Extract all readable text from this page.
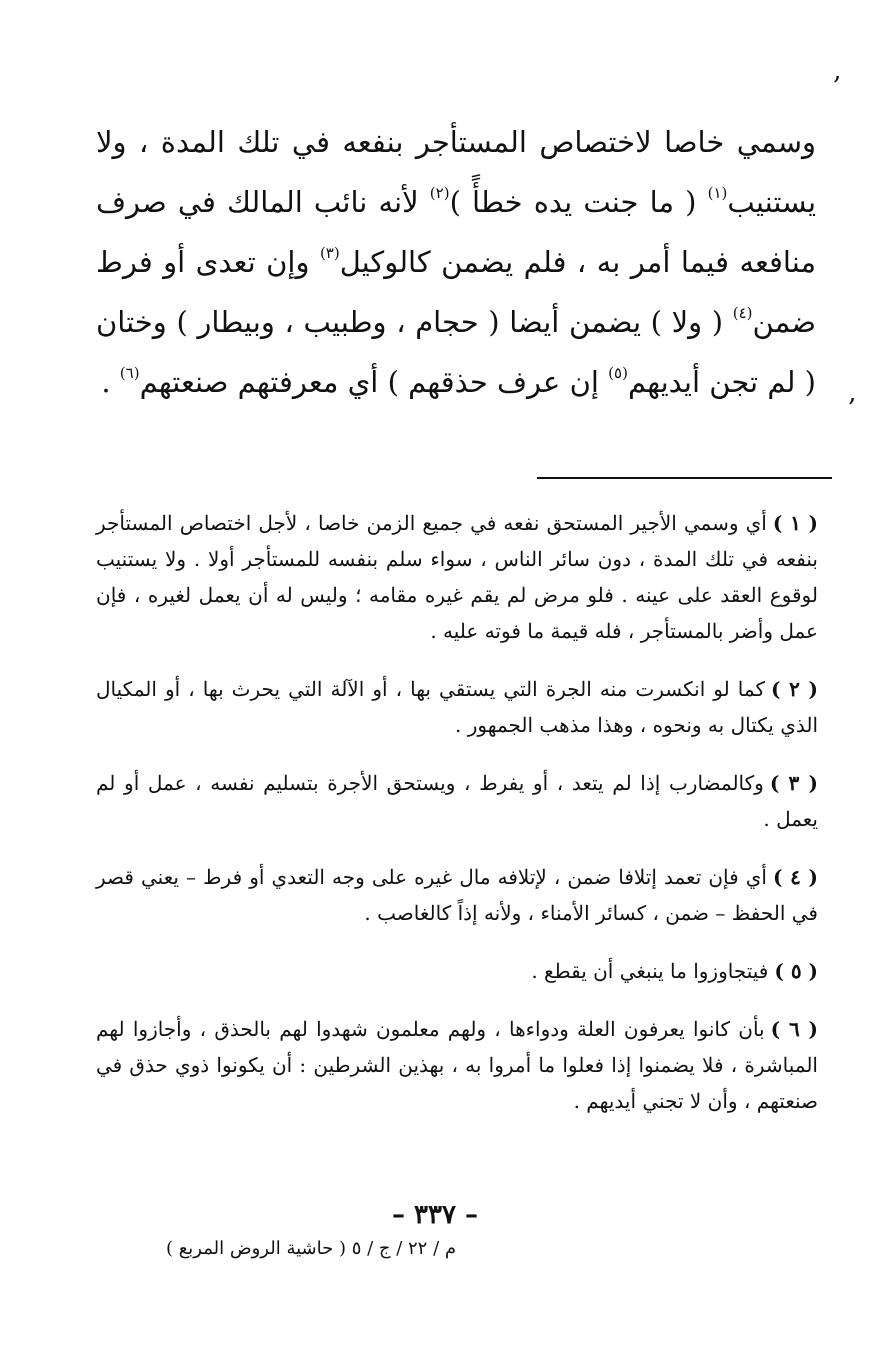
‚
‚
وسمي خاصا لاختصاص المستأجر بنفعه في تلك المدة ، ولا يستنيب$^{(١)}$ ( ما جنت يده خطأً )$^{(٢)}$ لأنه نائب المالك في صرف منافعه فيما أمر به ، فلم يضمن كالوكيل$^{(٣)}$ وإن تعدى أو فرط ضمن$^{(٤)}$ ( ولا ) يضمن أيضا ( حجام ، وطبيب ، وبيطار ) وختان ( لم تجن أيديهم$^{(٥)}$ إن عرف حذقهم ) أي معرفتهم صنعتهم$^{(٦)}$ .

( ١ )أي وسمي الأجير المستحق نفعه في جميع الزمن خاصا ، لأجل اختصاص المستأجر بنفعه في تلك المدة ، دون سائر الناس ، سواء سلم بنفسه للمستأجر أولا . ولا يستنيب لوقوع العقد على عينه . فلو مرض لم يقم غيره مقامه ؛ وليس له أن يعمل لغيره ، فإن عمل وأضر بالمستأجر ، فله قيمة ما فوته عليه .

( ٢ )كما لو انكسرت منه الجرة التي يستقي بها ، أو الآلة التي يحرث بها ، أو المكيال الذي يكتال به ونحوه ، وهذا مذهب الجمهور .

( ٣ )وكالمضارب إذا لم يتعد ، أو يفرط ، ويستحق الأجرة بتسليم نفسه ، عمل أو لم يعمل .

( ٤ )أي فإن تعمد إتلافا ضمن ، لإتلافه مال غيره على وجه التعدي أو فرط – يعني قصر في الحفظ – ضمن ، كسائر الأمناء ، ولأنه إذاً كالغاصب .

( ٥ )فيتجاوزوا ما ينبغي أن يقطع .

( ٦ )بأن كانوا يعرفون العلة ودواءها ، ولهم معلمون شهدوا لهم بالحذق ، وأجازوا لهم المباشرة ، فلا يضمنوا إذا فعلوا ما أمروا به ، بهذين الشرطين : أن يكونوا ذوي حذق في صنعتهم ، وأن لا تجني أيديهم .

– ٣٣٧ –
م / ٢٢ / ج / ٥ ( حاشية الروض المربع )
